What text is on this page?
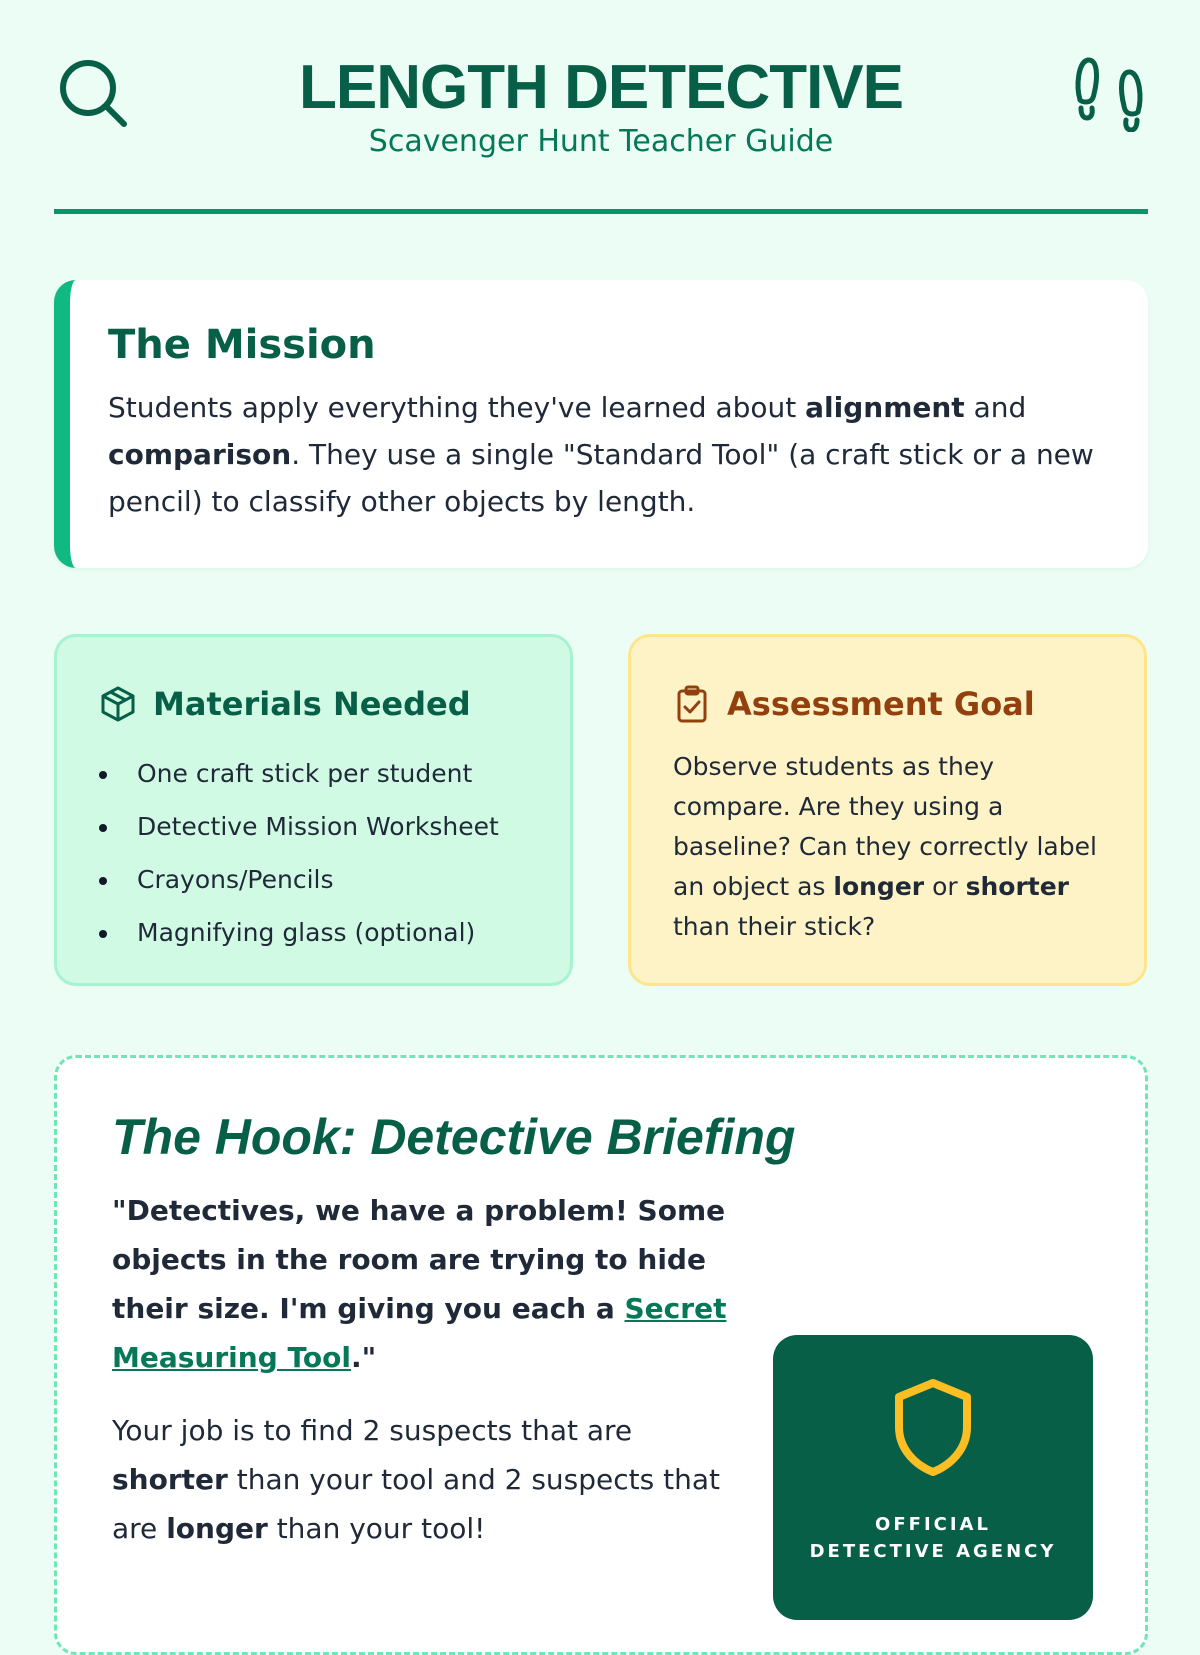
LENGTH DETECTIVE
Scavenger Hunt Teacher Guide
The Mission

Students apply everything they've learned about alignment and comparison. They use a single "Standard Tool" (a craft stick or a new pencil) to classify other objects by length.

Materials Needed
One craft stick per student
Detective Mission Worksheet
Crayons/Pencils
Magnifying glass (optional)
Assessment Goal

Observe students as they compare. Are they using a baseline? Can they correctly label an object as longer or shorter than their stick?

The Hook: Detective Briefing

"Detectives, we have a problem! Some objects in the room are trying to hide their size. I'm giving you each a Secret Measuring Tool."

Your job is to find 2 suspects that are shorter than your tool and 2 suspects that are longer than your tool!	OFFICIAL
DETECTIVE AGENCY
